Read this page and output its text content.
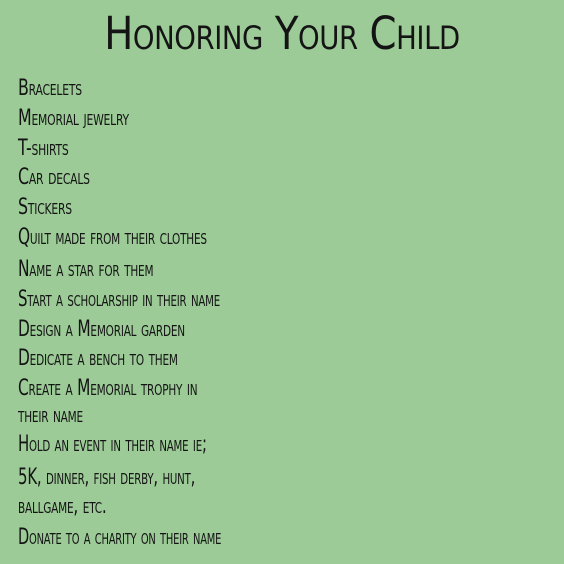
Honoring Your Child
Bracelets
Memorial jewelry
T-shirts
Car decals
Stickers
Quilt made from their clothes
Name a star for them
Start a scholarship in their name
Design a Memorial garden
Dedicate a bench to them
Create a Memorial trophy in
their name
Hold an event in their name ie;
5K, dinner, fish derby, hunt,
ballgame, etc.
Donate to a charity on their name
